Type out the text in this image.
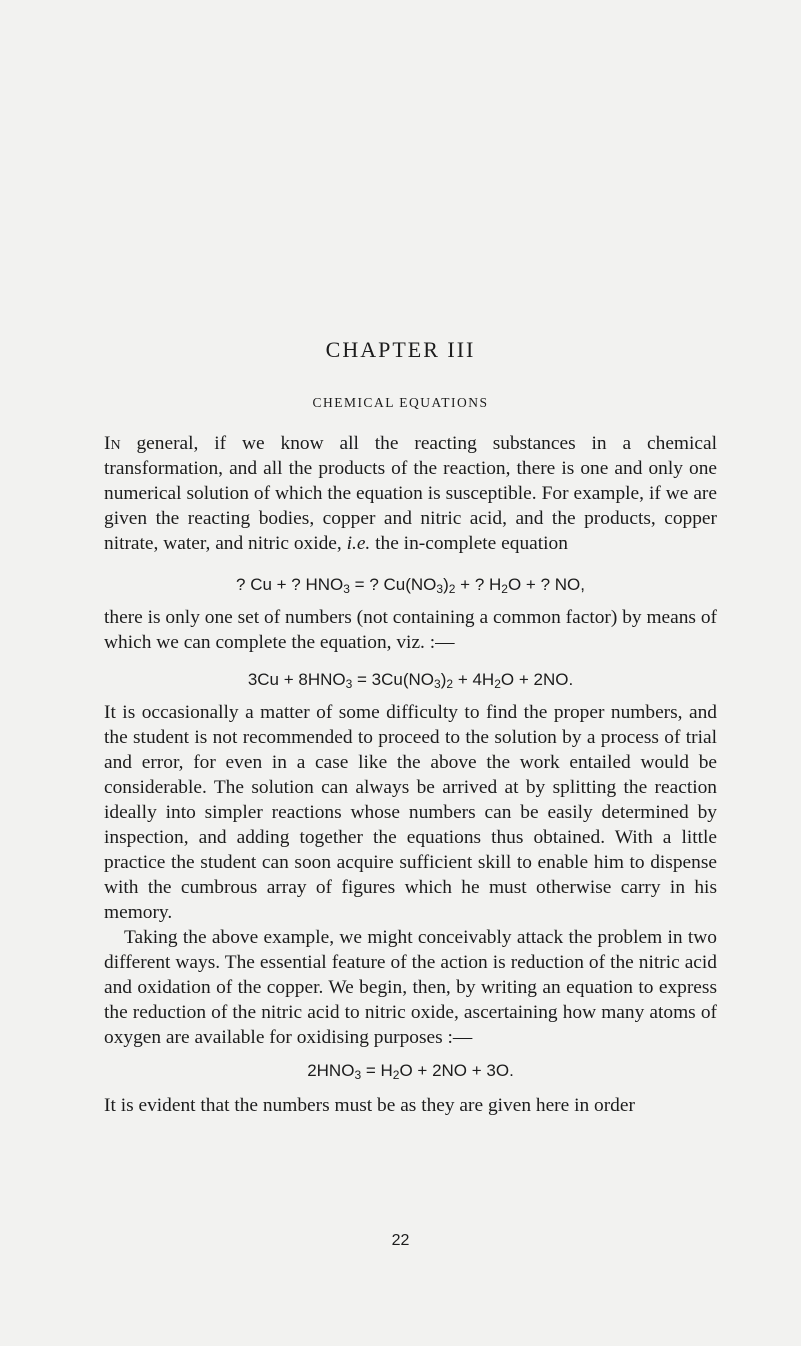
CHAPTER III
CHEMICAL EQUATIONS

In general, if we know all the reacting substances in a chemical transformation, and all the products of the reaction, there is one and only one numerical solution of which the equation is susceptible. For example, if we are given the reacting bodies, copper and nitric acid, and the products, copper nitrate, water, and nitric oxide, i.e. the in-complete equation

? Cu + ? $HNO_3$ = ? $Cu(NO_3)_2$ + ? $H_2O$ + ? NO,

there is only one set of numbers (not containing a common factor) by means of which we can complete the equation, viz. :—

$3Cu + 8HNO_3 = 3Cu(NO_3)_2 + 4H_2O + 2NO$.

It is occasionally a matter of some difficulty to find the proper numbers, and the student is not recommended to proceed to the solution by a process of trial and error, for even in a case like the above the work entailed would be considerable. The solution can always be arrived at by splitting the reaction ideally into simpler reactions whose numbers can be easily determined by inspection, and adding together the equations thus obtained. With a little practice the student can soon acquire sufficient skill to enable him to dispense with the cumbrous array of figures which he must otherwise carry in his memory.

Taking the above example, we might conceivably attack the problem in two different ways. The essential feature of the action is reduction of the nitric acid and oxidation of the copper. We begin, then, by writing an equation to express the reduction of the nitric acid to nitric oxide, ascertaining how many atoms of oxygen are available for oxidising purposes :—

$2HNO_3 = H_2O + 2NO + 3O$.

It is evident that the numbers must be as they are given here in order

22
